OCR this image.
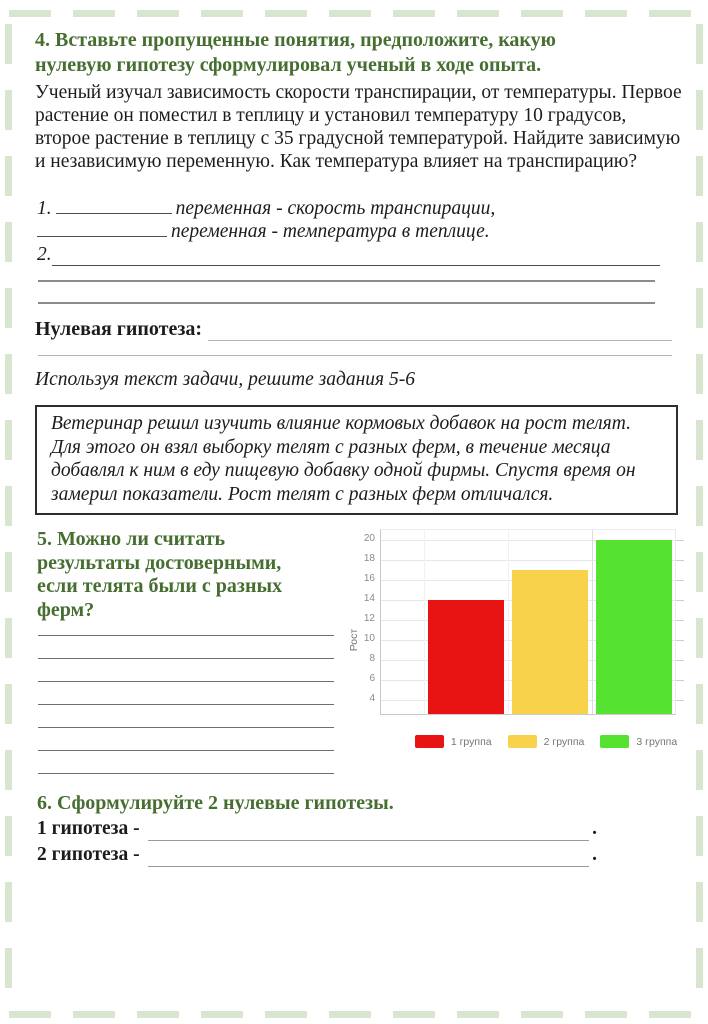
4. Вставьте пропущенные понятия, предположите, какую нулевую гипотезу сформулировал ученый в ходе опыта.

Ученый изучал зависимость скорости транспирации, от температуры. Первое растение он поместил в теплицу и установил температуру 10 градусов, второе растение в теплицу с 35 градусной температурой. Найдите зависимую и независимую переменную. Как температура влияет на транспирацию?

1.	переменная - скорость транспирации,
переменная - температура в теплице.
2.
Нулевая гипотеза:

Используя текст задачи, решите задания 5-6

Ветеринар решил изучить влияние кормовых добавок на рост телят. Для этого он взял выборку телят с разных ферм, в течение месяца добавлял к ним в еду пищевую добавку одной фирмы. Спустя время он замерил показатели. Рост телят с разных ферм отличался.

5. Можно ли считать результаты достоверными, если телята были с разных ферм?

Рост
1 группа	2 группа	3 группа
4
6
8
10
12
14
16
18
20

6. Сформулируйте 2 нулевые гипотезы.

1 гипотеза -	.
2 гипотеза -	.
